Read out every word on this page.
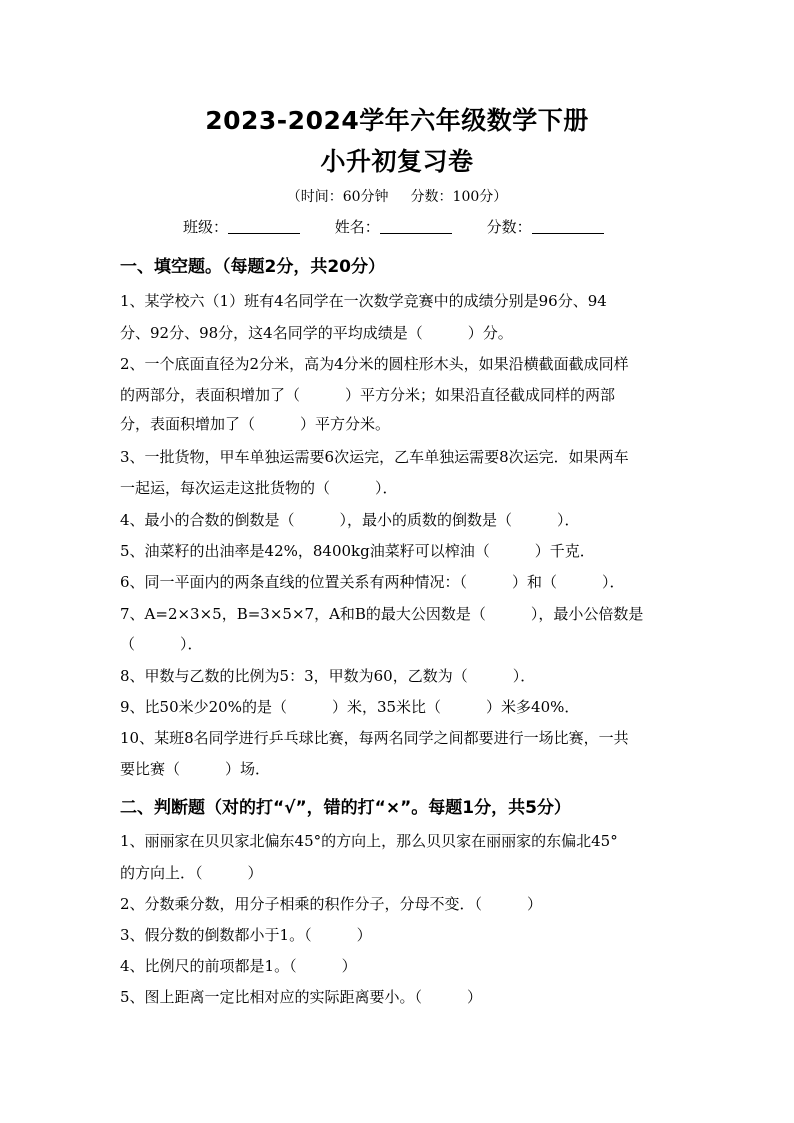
2023-2024学年六年级数学下册
小升初复习卷
（时间：60分钟 分数：100分）
班级：	姓名：	分数：
一、填空题。（每题2分，共20分）
1、某学校六（1）班有4名同学在一次数学竞赛中的成绩分别是96分、94
分、92分、98分，这4名同学的平均成绩是（　　　）分。
2、一个底面直径为2分米，高为4分米的圆柱形木头，如果沿横截面截成同样
的两部分，表面积增加了（　　　）平方分米；如果沿直径截成同样的两部
分，表面积增加了（　　　）平方分米。
3、一批货物，甲车单独运需要6次运完，乙车单独运需要8次运完．如果两车
一起运，每次运走这批货物的（　　　）．
4、最小的合数的倒数是（　　　），最小的质数的倒数是（　　　）．
5、油菜籽的出油率是42%，8400kg油菜籽可以榨油（　　　）千克．
6、同一平面内的两条直线的位置关系有两种情况：（　　　）和（　　　）．
7、A=2×3×5，B=3×5×7，A和B的最大公因数是（　　　），最小公倍数是
（　　　）．
8、甲数与乙数的比例为5：3，甲数为60，乙数为（　　　）．
9、比50米少20%的是（　　　）米，35米比（　　　）米多40%．
10、某班8名同学进行乒乓球比赛，每两名同学之间都要进行一场比赛，一共
要比赛（　　　）场．
二、判断题（对的打“√”，错的打“×”。每题1分，共5分）
1、丽丽家在贝贝家北偏东45°的方向上，那么贝贝家在丽丽家的东偏北45°
的方向上．（　　　）
2、分数乘分数，用分子相乘的积作分子，分母不变．（　　　）
3、假分数的倒数都小于1。（　　　）
4、比例尺的前项都是1。（　　　）
5、图上距离一定比相对应的实际距离要小。（　　　）
